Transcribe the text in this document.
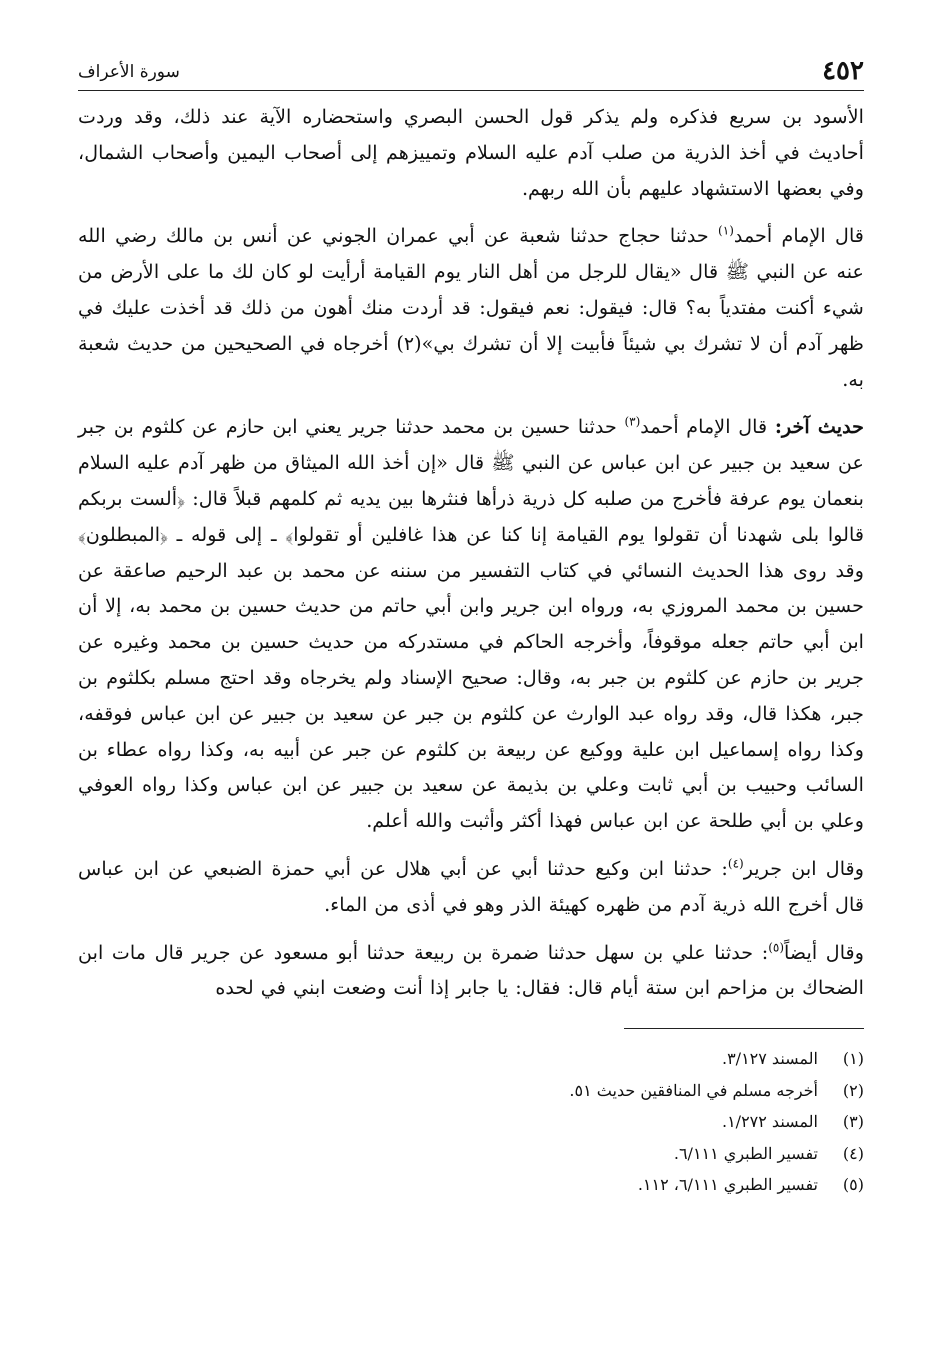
٤٥٢
سورة الأعراف

الأسود بن سريع فذكره ولم يذكر قول الحسن البصري واستحضاره الآية عند ذلك، وقد وردت أحاديث في أخذ الذرية من صلب آدم عليه السلام وتمييزهم إلى أصحاب اليمين وأصحاب الشمال، وفي بعضها الاستشهاد عليهم بأن الله ربهم.

قال الإمام أحمد$^{(١)}$ حدثنا حجاج حدثنا شعبة عن أبي عمران الجوني عن أنس بن مالك رضي الله عنه عن النبي ﷺ قال «يقال للرجل من أهل النار يوم القيامة أرأيت لو كان لك ما على الأرض من شيء أكنت مفتدياً به؟ قال: فيقول: نعم فيقول: قد أردت منك أهون من ذلك قد أخذت عليك في ظهر آدم أن لا تشرك بي شيئاً فأبيت إلا أن تشرك بي»(٢) أخرجاه في الصحيحين من حديث شعبة به.

حديث آخر: قال الإمام أحمد$^{(٣)}$ حدثنا حسين بن محمد حدثنا جرير يعني ابن حازم عن كلثوم بن جبر عن سعيد بن جبير عن ابن عباس عن النبي ﷺ قال «إن أخذ الله الميثاق من ظهر آدم عليه السلام بنعمان يوم عرفة فأخرج من صلبه كل ذرية ذرأها فنثرها بين يديه ثم كلمهم قبلاً قال: ﴿ألست بربكم قالوا بلى شهدنا أن تقولوا يوم القيامة إنا كنا عن هذا غافلين أو تقولوا﴾ ـ إلى قوله ـ ﴿المبطلون﴾ وقد روى هذا الحديث النسائي في كتاب التفسير من سننه عن محمد بن عبد الرحيم صاعقة عن حسين بن محمد المروزي به، ورواه ابن جرير وابن أبي حاتم من حديث حسين بن محمد به، إلا أن ابن أبي حاتم جعله موقوفاً، وأخرجه الحاكم في مستدركه من حديث حسين بن محمد وغيره عن جرير بن حازم عن كلثوم بن جبر به، وقال: صحيح الإسناد ولم يخرجاه وقد احتج مسلم بكلثوم بن جبر، هكذا قال، وقد رواه عبد الوارث عن كلثوم بن جبر عن سعيد بن جبير عن ابن عباس فوقفه، وكذا رواه إسماعيل ابن علية ووكيع عن ربيعة بن كلثوم عن جبر عن أبيه به، وكذا رواه عطاء بن السائب وحبيب بن أبي ثابت وعلي بن بذيمة عن سعيد بن جبير عن ابن عباس وكذا رواه العوفي وعلي بن أبي طلحة عن ابن عباس فهذا أكثر وأثبت والله أعلم.

وقال ابن جرير$^{(٤)}$: حدثنا ابن وكيع حدثنا أبي عن أبي هلال عن أبي حمزة الضبعي عن ابن عباس قال أخرج الله ذرية آدم من ظهره كهيئة الذر وهو في أذى من الماء.

وقال أيضاً$^{(٥)}$: حدثنا علي بن سهل حدثنا ضمرة بن ربيعة حدثنا أبو مسعود عن جرير قال مات ابن الضحاك بن مزاحم ابن ستة أيام قال: فقال: يا جابر إذا أنت وضعت ابني في لحده

(١)
المسند ٣/١٢٧.
(٢)
أخرجه مسلم في المنافقين حديث ٥١.
(٣)
المسند ١/٢٧٢.
(٤)
تفسير الطبري ٦/١١١.
(٥)
تفسير الطبري ٦/١١١، ١١٢.
